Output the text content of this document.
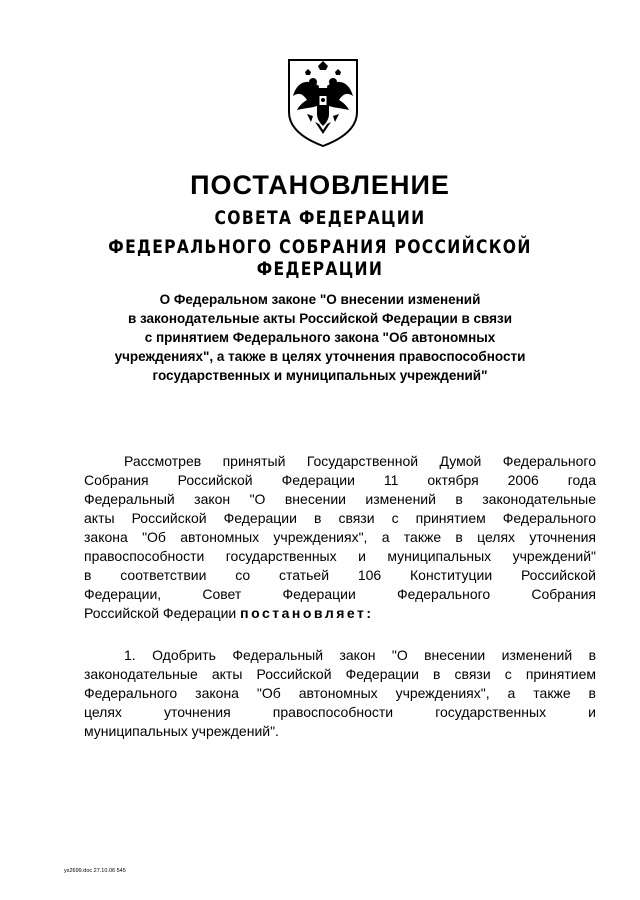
ПОСТАНОВЛЕНИЕ
СОВЕТА ФЕДЕРАЦИИ
ФЕДЕРАЛЬНОГО СОБРАНИЯ РОССИЙСКОЙ ФЕДЕРАЦИИ
О Федеральном законе "О внесении изменений
в законодательные акты Российской Федерации в связи
с принятием Федерального закона "Об автономных
учреждениях", а также в целях уточнения правоспособности
государственных и муниципальных учреждений"
Рассмотрев принятый Государственной Думой Федерального
Собрания Российской Федерации 11 октября 2006 года
Федеральный закон "О внесении изменений в законодательные
акты Российской Федерации в связи с принятием Федерального
закона "Об автономных учреждениях", а также в целях уточнения
правоспособности государственных и муниципальных учреждений"
в соответствии со статьей 106 Конституции Российской
Федерации, Совет Федерации Федерального Собрания
Российской Федерации постановляет:
1. Одобрить Федеральный закон "О внесении изменений в
законодательные акты Российской Федерации в связи с принятием
Федерального закона "Об автономных учреждениях", а также в
целях уточнения правоспособности государственных и
муниципальных учреждений".
ys2699.doc 27.10.06 545
